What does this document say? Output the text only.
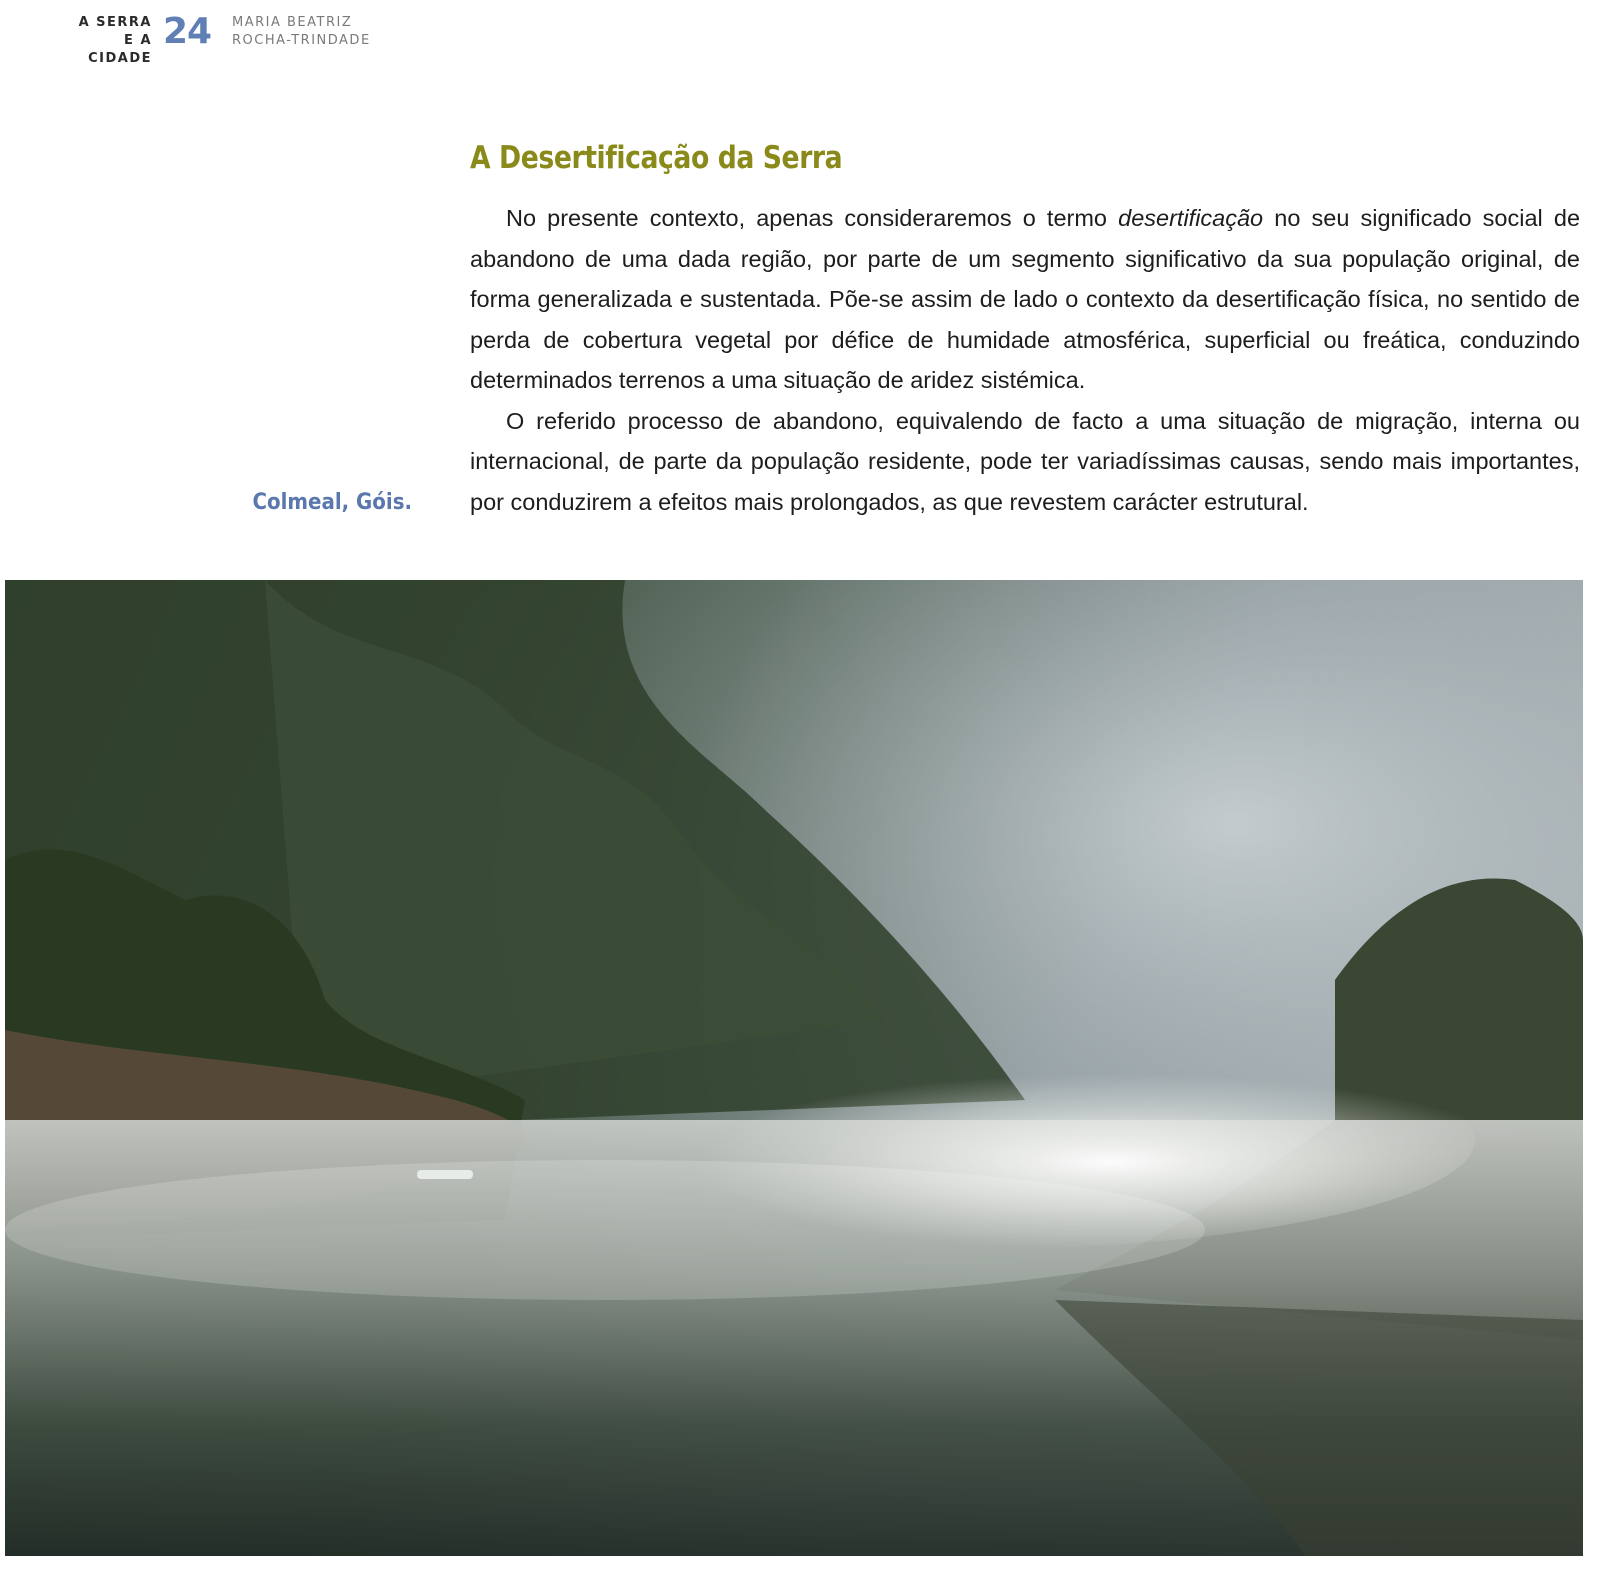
A SERRA
E A CIDADE
24 MARIA BEATRIZ
ROCHA-TRINDADE
A Desertificação da Serra

No presente contexto, apenas consideraremos o termo desertificação no seu significado social de abandono de uma dada região, por parte de um segmento significativo da sua população original, de forma generalizada e sustentada. Põe-se assim de lado o contexto da desertificação física, no sentido de perda de cobertura vegetal por défice de humidade atmosférica, superficial ou freática, conduzindo determinados terrenos a uma situação de aridez sistémica.

O referido processo de abandono, equivalendo de facto a uma situação de migração, interna ou internacional, de parte da população residente, pode ter variadíssimas causas, sendo mais importantes, por conduzirem a efeitos mais prolongados, as que revestem carácter estrutural.

Colmeal, Góis.
